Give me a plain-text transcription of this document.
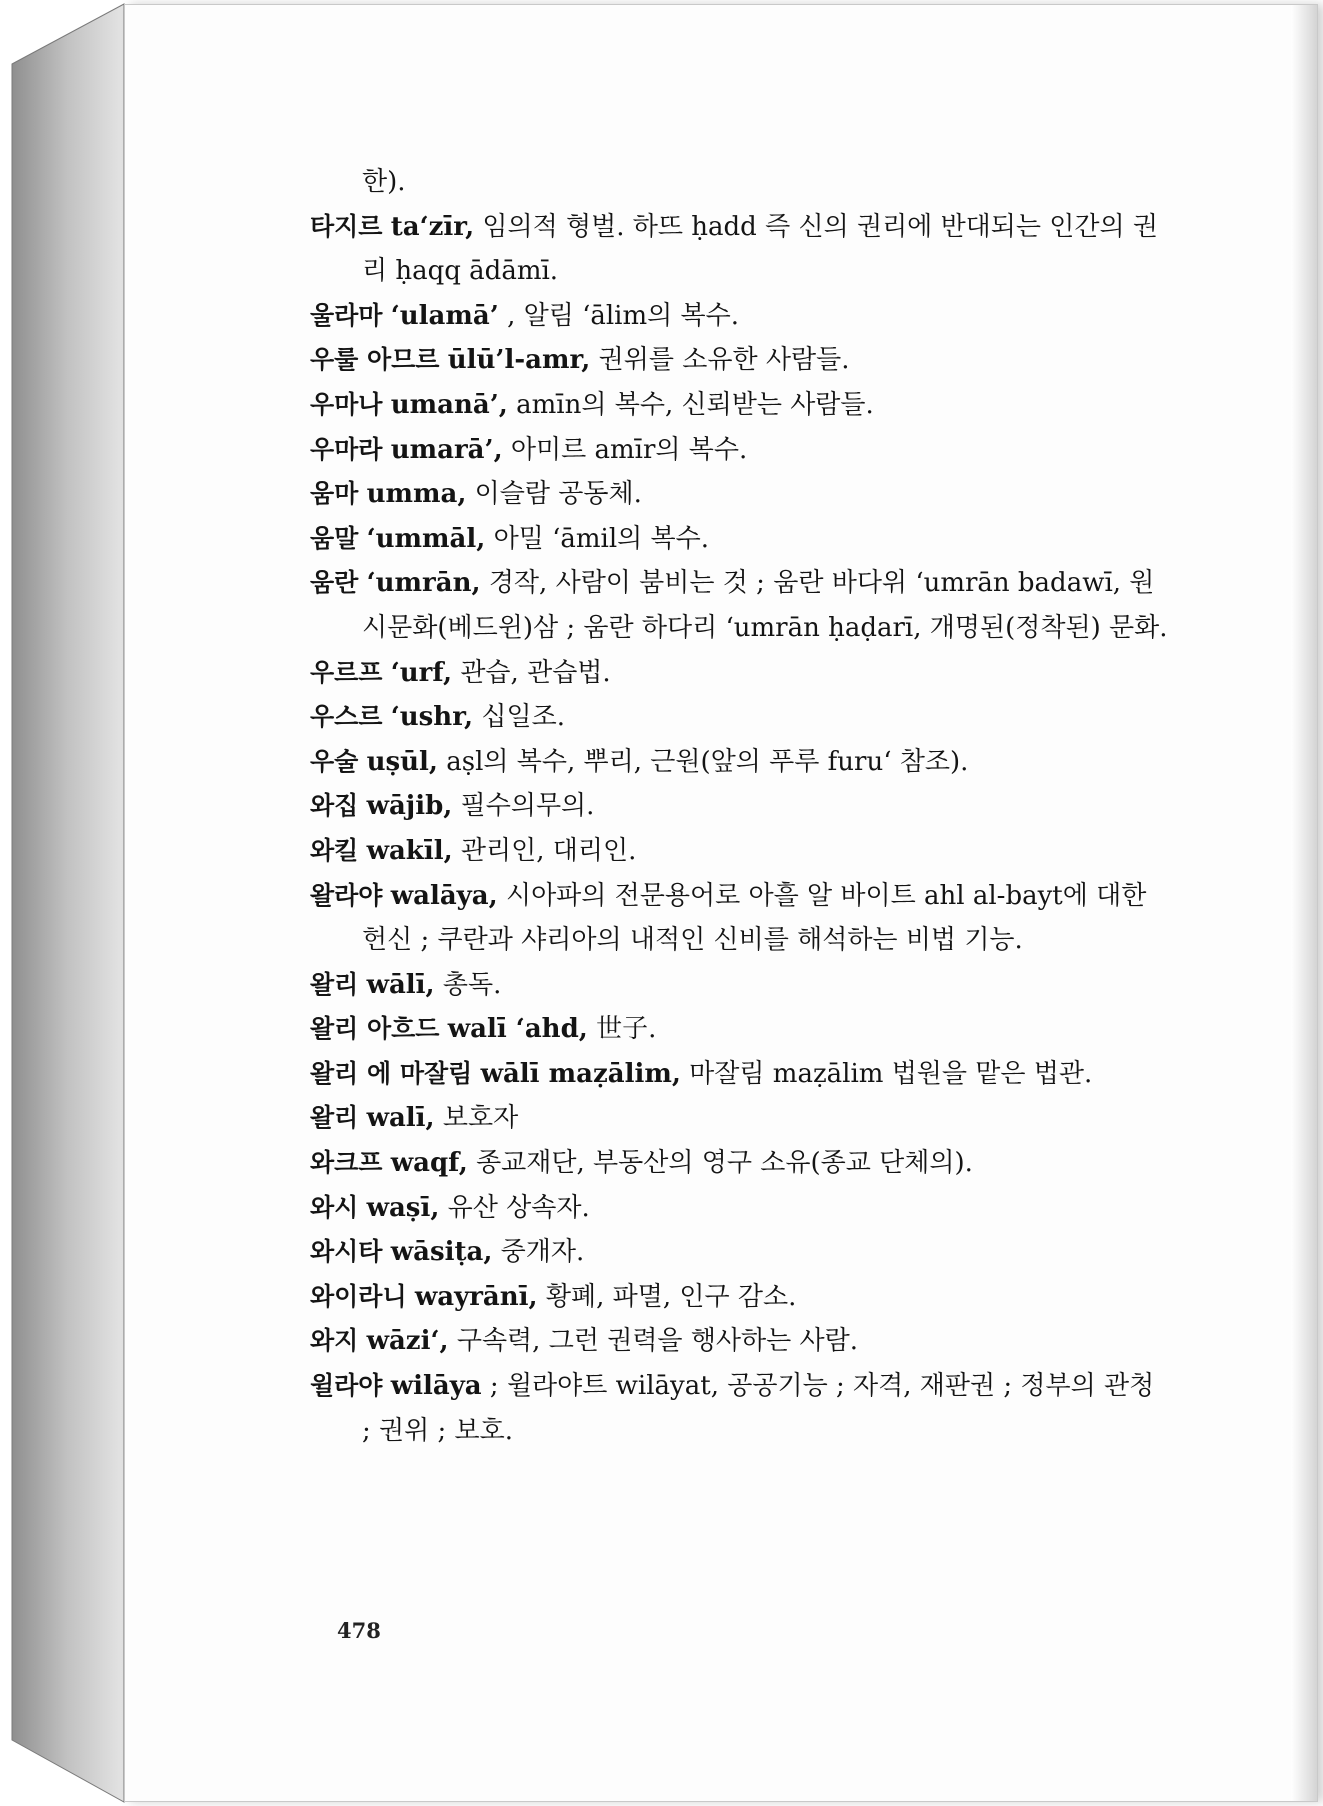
한).

타지르 ta‘zīr, 임의적 형벌. 하뜨 ḥadd 즉 신의 권리에 반대되는 인간의 권리 ḥaqq ādāmī.

울라마 ‘ulamā’ , 알림 ‘ālim의 복수.

우룰 아므르 ūlū’l-amr, 권위를 소유한 사람들.

우마나 umanā’, amīn의 복수, 신뢰받는 사람들.

우마라 umarā’, 아미르 amīr의 복수.

움마 umma, 이슬람 공동체.

움말 ‘ummāl, 아밀 ‘āmil의 복수.

움란 ‘umrān, 경작, 사람이 붐비는 것 ; 움란 바다위 ‘umrān badawī, 원시문화(베드윈)삼 ; 움란 하다리 ‘umrān ḥaḍarī, 개명된(정착된) 문화.

우르프 ‘urf, 관습, 관습법.

우스르 ‘ushr, 십일조.

우술 uṣūl, aṣl의 복수, 뿌리, 근원(앞의 푸루 furu‘ 참조).

와집 wājib, 필수의무의.

와킬 wakīl, 관리인, 대리인.

왈라야 walāya, 시아파의 전문용어로 아흘 알 바이트 ahl al-bayt에 대한 헌신 ; 쿠란과 샤리아의 내적인 신비를 해석하는 비법 기능.

왈리 wālī, 총독.

왈리 아흐드 walī ‘ahd, 世子.

왈리 에 마잘림 wālī maẓālim, 마잘림 maẓālim 법원을 맡은 법관.

왈리 walī, 보호자

와크프 waqf, 종교재단, 부동산의 영구 소유(종교 단체의).

와시 waṣī, 유산 상속자.

와시타 wāsiṭa, 중개자.

와이라니 wayrānī, 황폐, 파멸, 인구 감소.

와지 wāzi‘, 구속력, 그런 권력을 행사하는 사람.

윌라야 wilāya ; 윌라야트 wilāyat, 공공기능 ; 자격, 재판권 ; 정부의 관청 ; 권위 ; 보호.

478
